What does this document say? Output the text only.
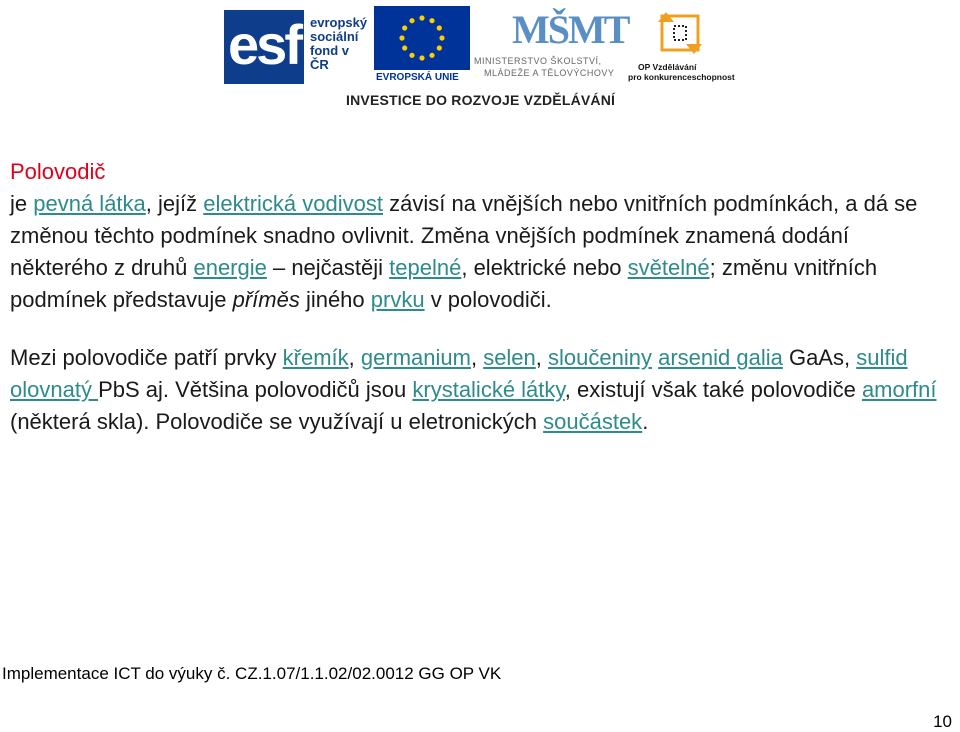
esf evropský
sociální
fond v ČR
EVROPSKÁ UNIE
MŠMT
MINISTERSTVO ŠKOLSTVÍ,
MLÁDEŽE A TĚLOVÝCHOVY
OP Vzdělávání
pro konkurenceschopnost
INVESTICE DO ROZVOJE VZDĚLÁVÁNÍ

Polovodič

je pevná látka, jejíž elektrická vodivost závisí na vnějších nebo vnitřních podmínkách, a dá se změnou těchto podmínek snadno ovlivnit. Změna vnějších podmínek znamená dodání některého z druhů energie – nejčastěji tepelné, elektrické nebo světelné; změnu vnitřních podmínek představuje příměs jiného prvku v polovodiči.

Mezi polovodiče patří prvky křemík, germanium, selen, sloučeniny arsenid galia GaAs, sulfid olovnatý PbS aj. Většina polovodičů jsou krystalické látky, existují však také polovodiče amorfní (některá skla). Polovodiče se využívají u eletronických součástek.

Implementace ICT do výuky č. CZ.1.07/1.1.02/02.0012 GG OP VK
10
